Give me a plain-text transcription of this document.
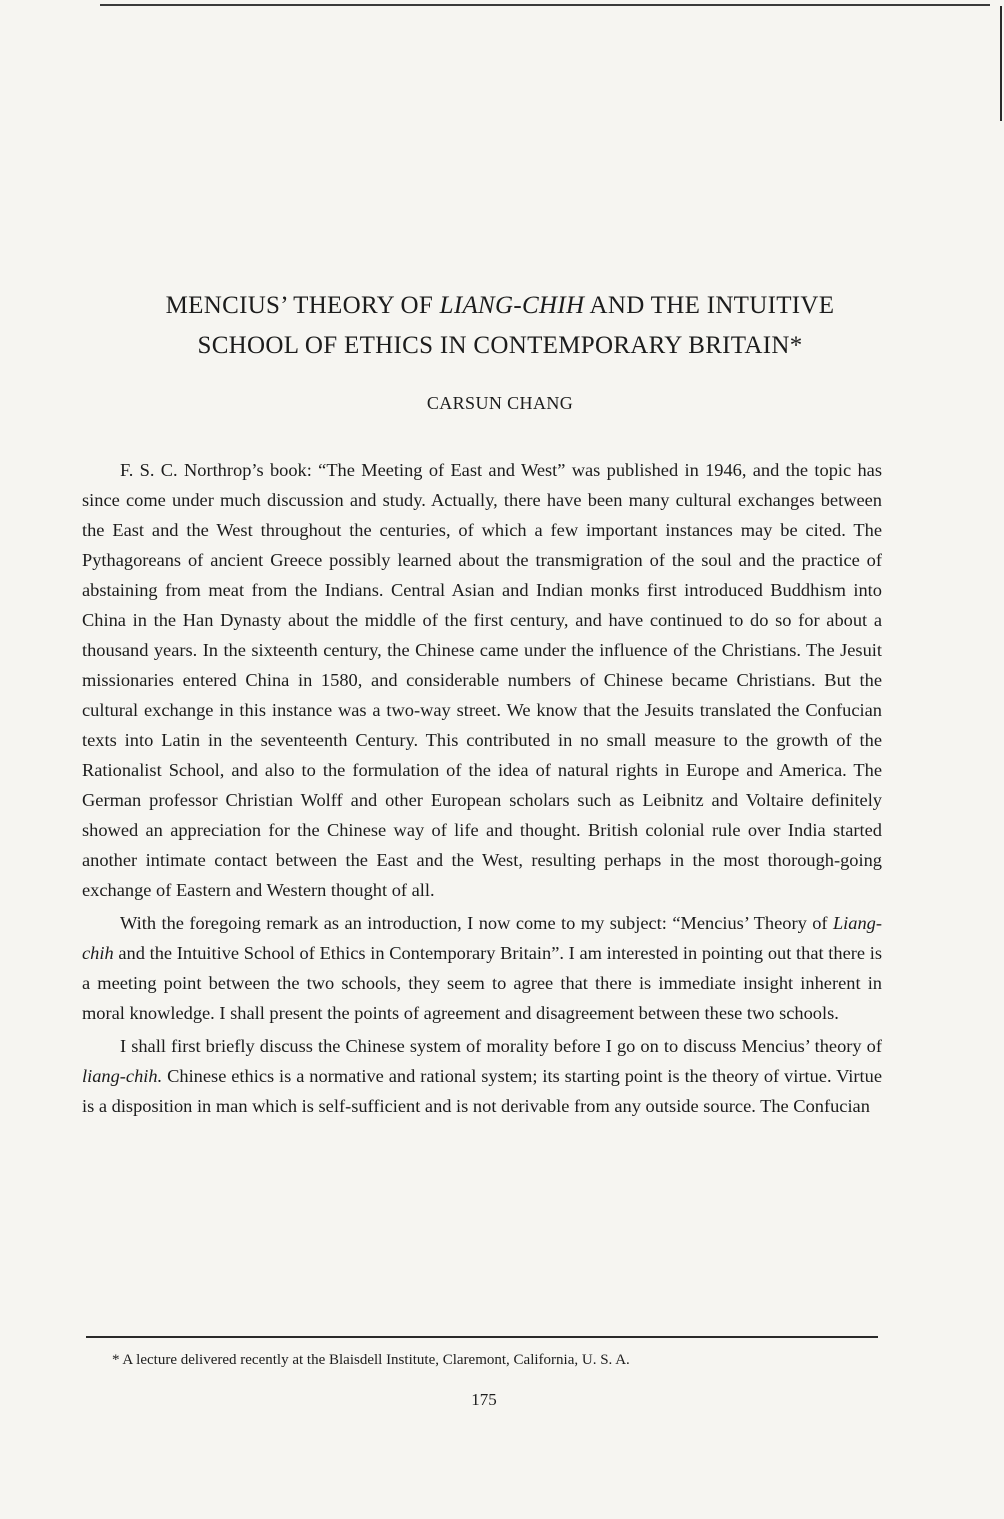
MENCIUS’ THEORY OF LIANG-CHIH AND THE INTUITIVE
SCHOOL OF ETHICS IN CONTEMPORARY BRITAIN*
CARSUN CHANG

F. S. C. Northrop’s book: “The Meeting of East and West” was published in 1946, and the topic has since come under much discussion and study. Actually, there have been many cultural exchanges between the East and the West throughout the centuries, of which a few important instances may be cited. The Pythagoreans of ancient Greece possibly learned about the transmigration of the soul and the practice of abstaining from meat from the Indians. Central Asian and Indian monks first introduced Buddhism into China in the Han Dynasty about the middle of the first century, and have continued to do so for about a thousand years. In the sixteenth century, the Chinese came under the influence of the Christians. The Jesuit missionaries entered China in 1580, and considerable numbers of Chinese became Christians. But the cultural exchange in this instance was a two-way street. We know that the Jesuits translated the Confucian texts into Latin in the seventeenth Century. This contributed in no small measure to the growth of the Rationalist School, and also to the formulation of the idea of natural rights in Europe and America. The German professor Christian Wolff and other European scholars such as Leibnitz and Voltaire definitely showed an appreciation for the Chinese way of life and thought. British colonial rule over India started another intimate contact between the East and the West, resulting perhaps in the most thorough-going exchange of Eastern and Western thought of all.

With the foregoing remark as an introduction, I now come to my subject: “Mencius’ Theory of Liang-chih and the Intuitive School of Ethics in Contemporary Britain”. I am interested in pointing out that there is a meeting point between the two schools, they seem to agree that there is immediate insight inherent in moral knowledge. I shall present the points of agreement and disagreement between these two schools.

I shall first briefly discuss the Chinese system of morality before I go on to discuss Mencius’ theory of liang-chih. Chinese ethics is a normative and rational system; its starting point is the theory of virtue. Virtue is a disposition in man which is self-sufficient and is not derivable from any outside source. The Confucian

* A lecture delivered recently at the Blaisdell Institute, Claremont, California, U. S. A.
175
